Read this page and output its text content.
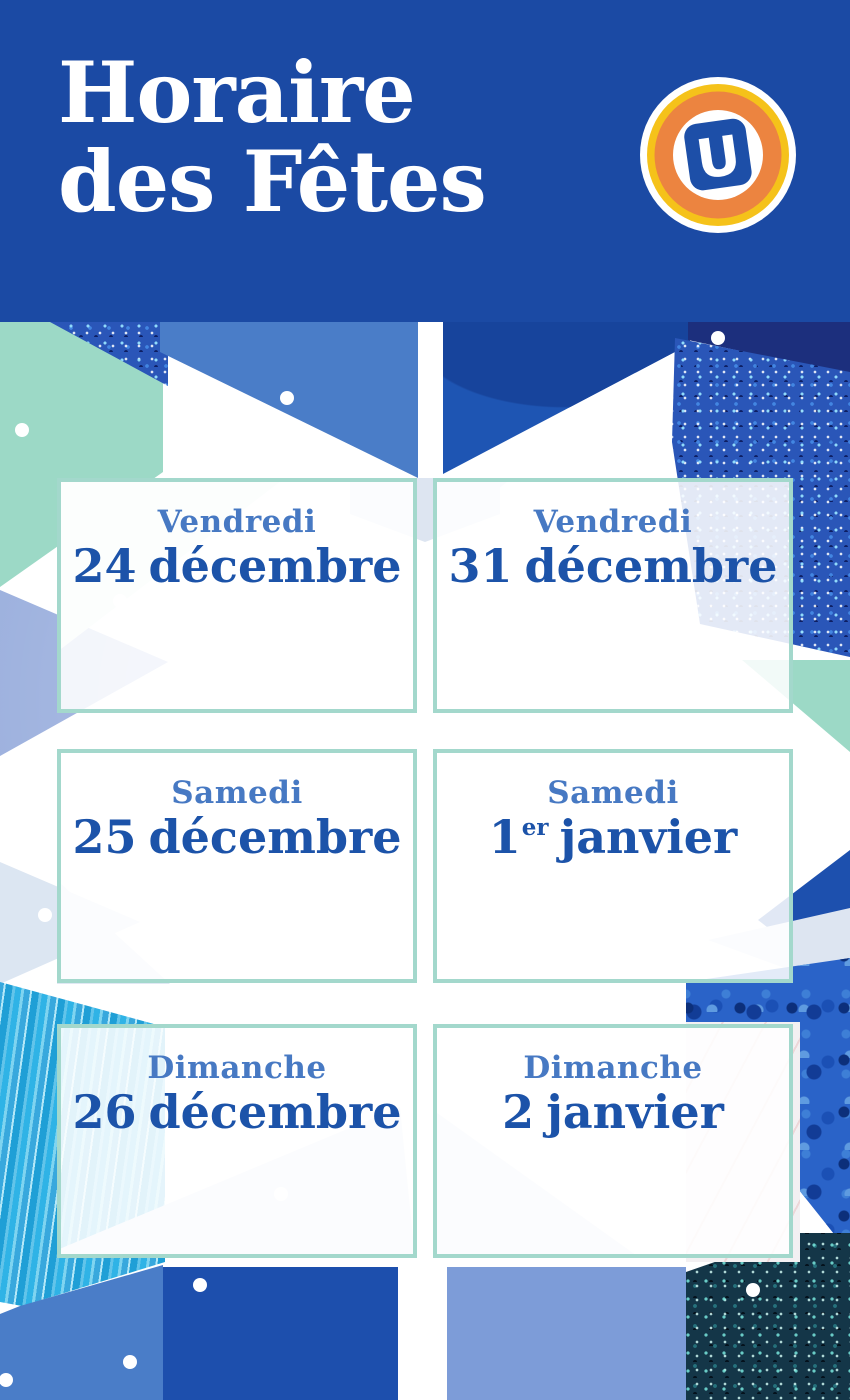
Horaire
des Fêtes	U
Vendredi
24 décembre
Vendredi
31 décembre
Samedi
25 décembre
Samedi
1er janvier
Dimanche
26 décembre
Dimanche
2 janvier
